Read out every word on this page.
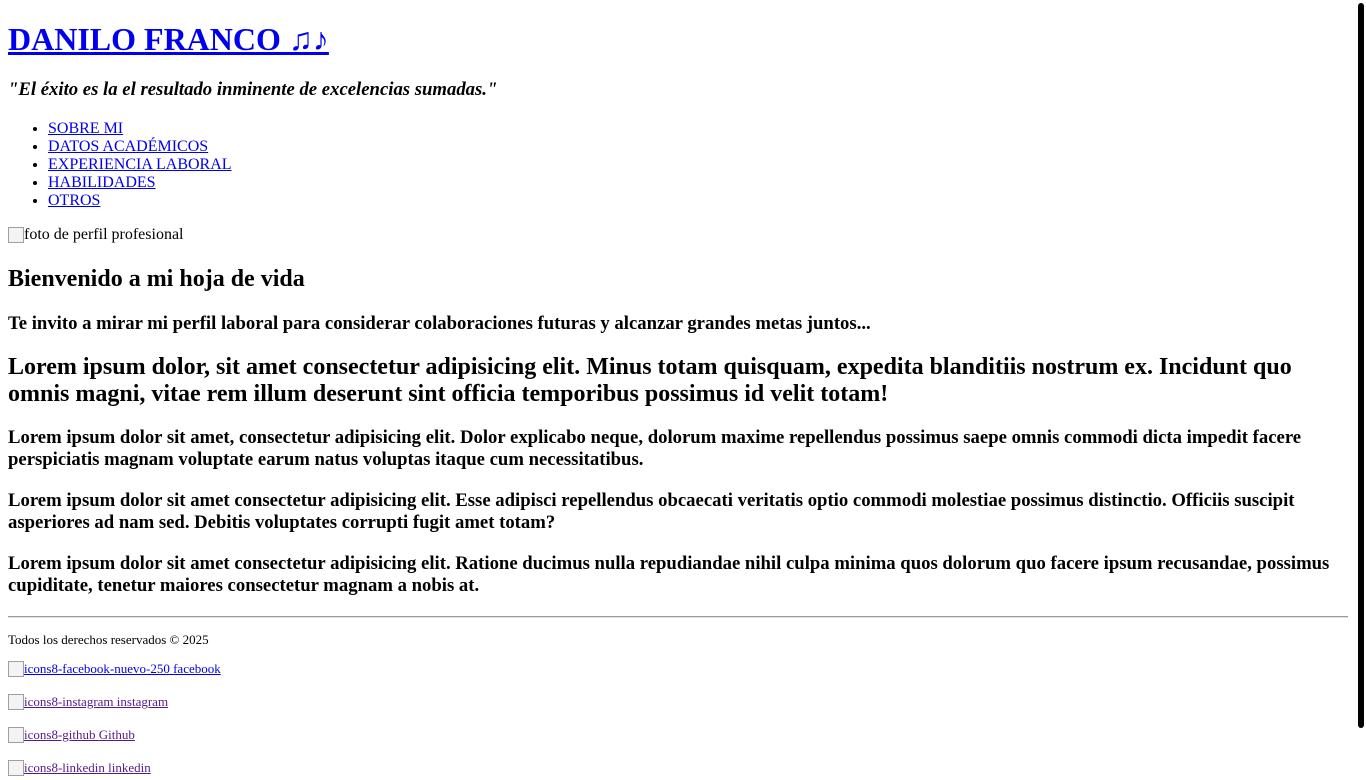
DANILO FRANCO ♫♪
"El éxito es la el resultado inminente de excelencias sumadas."
• SOBRE MI
• DATOS ACADÉMICOS
• EXPERIENCIA LABORAL
• HABILIDADES
• OTROS
foto de perfil profesional
Bienvenido a mi hoja de vida
Te invito a mirar mi perfil laboral para considerar colaboraciones futuras y alcanzar grandes metas juntos...
Lorem ipsum dolor, sit amet consectetur adipisicing elit. Minus totam quisquam, expedita blanditiis nostrum ex. Incidunt quo omnis magni, vitae rem illum deserunt sint officia temporibus possimus id velit totam!
Lorem ipsum dolor sit amet, consectetur adipisicing elit. Dolor explicabo neque, dolorum maxime repellendus possimus saepe omnis commodi dicta impedit facere perspiciatis magnam voluptate earum natus voluptas itaque cum necessitatibus.
Lorem ipsum dolor sit amet consectetur adipisicing elit. Esse adipisci repellendus obcaecati veritatis optio commodi molestiae possimus distinctio. Officiis suscipit asperiores ad nam sed. Debitis voluptates corrupti fugit amet totam?
Lorem ipsum dolor sit amet consectetur adipisicing elit. Ratione ducimus nulla repudiandae nihil culpa minima quos dolorum quo facere ipsum recusandae, possimus cupiditate, tenetur maiores consectetur magnam a nobis at.

Todos los derechos reservados © 2025

icons8-facebook-nuevo-250
facebook

icons8-instagram
instagram

icons8-github
Github

icons8-linkedin
linkedin
